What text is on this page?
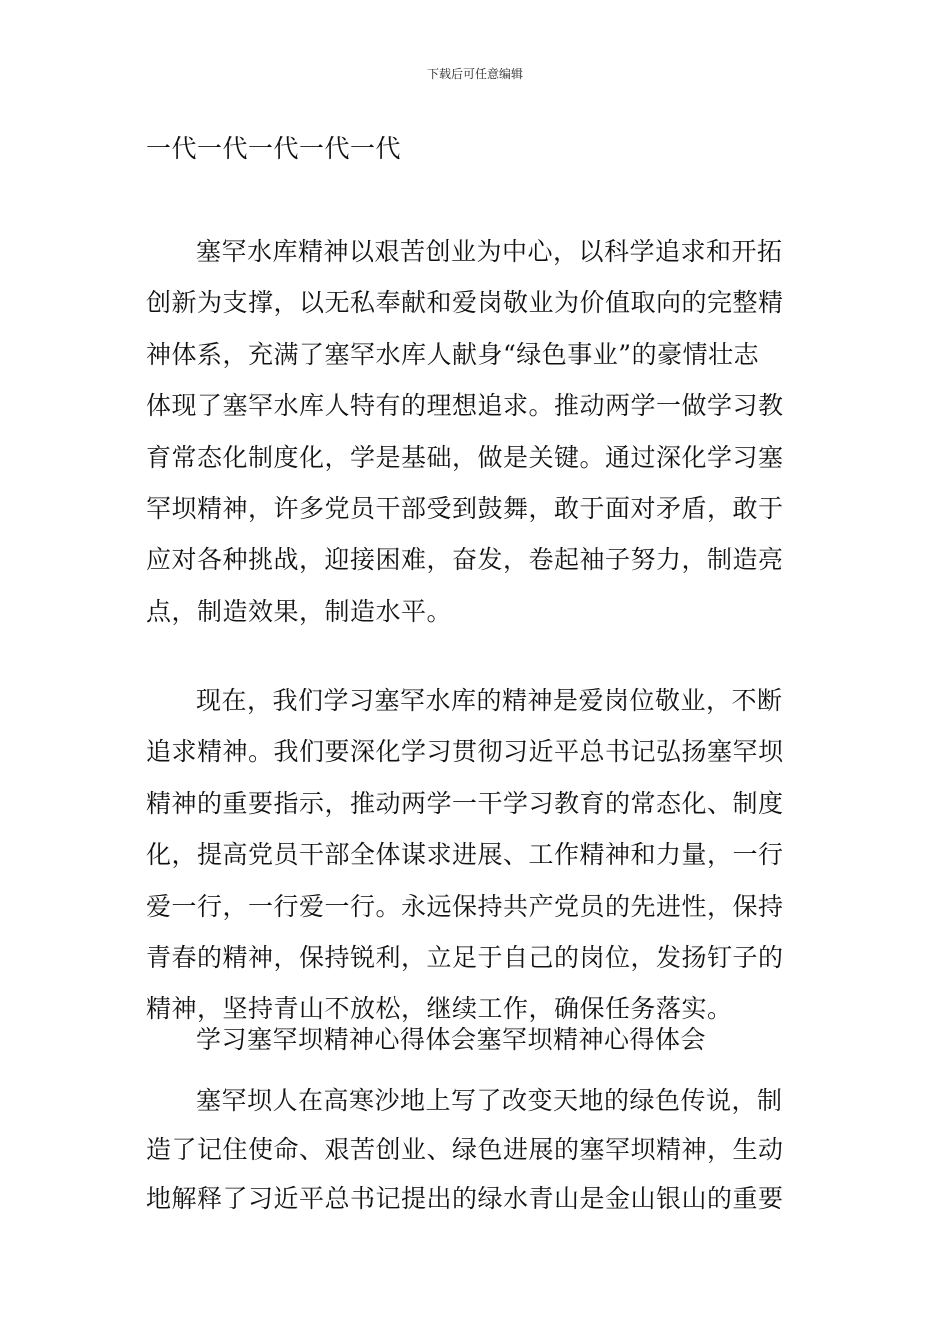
下载后可任意编辑
一代一代一代一代一代

塞罕水库精神以艰苦创业为中心，以科学追求和开拓
创新为支撑，以无私奉献和爱岗敬业为价值取向的完整精
神体系，充满了塞罕水库人献身“绿色事业”的豪情壮志
体现了塞罕水库人特有的理想追求。推动两学一做学习教
育常态化制度化，学是基础，做是关键。通过深化学习塞
罕坝精神，许多党员干部受到鼓舞，敢于面对矛盾，敢于
应对各种挑战，迎接困难，奋发，卷起袖子努力，制造亮
点，制造效果，制造水平。

现在，我们学习塞罕水库的精神是爱岗位敬业，不断
追求精神。我们要深化学习贯彻习近平总书记弘扬塞罕坝
精神的重要指示，推动两学一干学习教育的常态化、制度
化，提高党员干部全体谋求进展、工作精神和力量，一行
爱一行，一行爱一行。永远保持共产党员的先进性，保持
青春的精神，保持锐利，立足于自己的岗位，发扬钉子的
精神，坚持青山不放松，继续工作，确保任务落实。

学习塞罕坝精神心得体会塞罕坝精神心得体会

塞罕坝人在高寒沙地上写了改变天地的绿色传说，制
造了记住使命、艰苦创业、绿色进展的塞罕坝精神，生动
地解释了习近平总书记提出的绿水青山是金山银山的重要
